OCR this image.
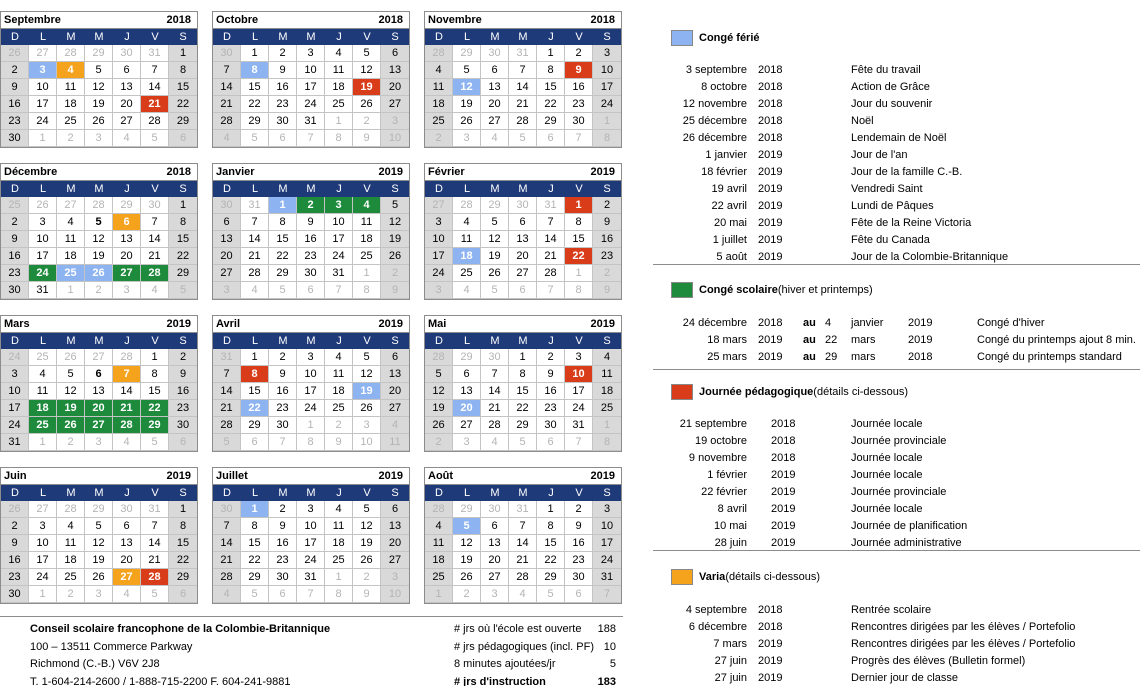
Septembre	2018
D	L	M	M	J	V	S
26	27	28	29	30	31	1
2	3	4	5	6	7	8
9	10	11	12	13	14	15
16	17	18	19	20	21	22
23	24	25	26	27	28	29
30	1	2	3	4	5	6
Octobre	2018
D	L	M	M	J	V	S
30	1	2	3	4	5	6
7	8	9	10	11	12	13
14	15	16	17	18	19	20
21	22	23	24	25	26	27
28	29	30	31	1	2	3
4	5	6	7	8	9	10
Novembre	2018
D	L	M	M	J	V	S
28	29	30	31	1	2	3
4	5	6	7	8	9	10
11	12	13	14	15	16	17
18	19	20	21	22	23	24
25	26	27	28	29	30	1
2	3	4	5	6	7	8
Décembre	2018
D	L	M	M	J	V	S
25	26	27	28	29	30	1
2	3	4	5	6	7	8
9	10	11	12	13	14	15
16	17	18	19	20	21	22
23	24	25	26	27	28	29
30	31	1	2	3	4	5
Janvier	2019
D	L	M	M	J	V	S
30	31	1	2	3	4	5
6	7	8	9	10	11	12
13	14	15	16	17	18	19
20	21	22	23	24	25	26
27	28	29	30	31	1	2
3	4	5	6	7	8	9
Février	2019
D	L	M	M	J	V	S
27	28	29	30	31	1	2
3	4	5	6	7	8	9
10	11	12	13	14	15	16
17	18	19	20	21	22	23
24	25	26	27	28	1	2
3	4	5	6	7	8	9
Mars	2019
D	L	M	M	J	V	S
24	25	26	27	28	1	2
3	4	5	6	7	8	9
10	11	12	13	14	15	16
17	18	19	20	21	22	23
24	25	26	27	28	29	30
31	1	2	3	4	5	6
Avril	2019
D	L	M	M	J	V	S
31	1	2	3	4	5	6
7	8	9	10	11	12	13
14	15	16	17	18	19	20
21	22	23	24	25	26	27
28	29	30	1	2	3	4
5	6	7	8	9	10	11
Mai	2019
D	L	M	M	J	V	S
28	29	30	1	2	3	4
5	6	7	8	9	10	11
12	13	14	15	16	17	18
19	20	21	22	23	24	25
26	27	28	29	30	31	1
2	3	4	5	6	7	8
Juin	2019
D	L	M	M	J	V	S
26	27	28	29	30	31	1
2	3	4	5	6	7	8
9	10	11	12	13	14	15
16	17	18	19	20	21	22
23	24	25	26	27	28	29
30	1	2	3	4	5	6
Juillet	2019
D	L	M	M	J	V	S
30	1	2	3	4	5	6
7	8	9	10	11	12	13
14	15	16	17	18	19	20
21	22	23	24	25	26	27
28	29	30	31	1	2	3
4	5	6	7	8	9	10
Août	2019
D	L	M	M	J	V	S
28	29	30	31	1	2	3
4	5	6	7	8	9	10
11	12	13	14	15	16	17
18	19	20	21	22	23	24
25	26	27	28	29	30	31
1	2	3	4	5	6	7
Conseil scolaire francophone de la Colombie-Britannique
100 – 13511 Commerce Parkway
Richmond (C.-B.) V6V 2J8
T. 1-604-214-2600 / 1-888-715-2200 F. 604-241-9881
# jrs où l'école est ouverte 188
# jrs pédagogiques (incl. PF) 10
8 minutes ajoutées/jr	5
# jrs d'instruction	183
Congé férié
3 septembre 2018	Fête du travail
8 octobre 2018	Action de Grâce
12 novembre 2018	Jour du souvenir
25 décembre 2018	Noël
26 décembre 2018	Lendemain de Noël
1 janvier 2019	Jour de l'an
18 février 2019	Jour de la famille C.-B.
19 avril 2019	Vendredi Saint
22 avril 2019	Lundi de Pâques
20 mai 2019	Fête de la Reine Victoria
1 juillet 2019	Fête du Canada
5 août 2019	Jour de la Colombie-Britannique
Congé scolaire (hiver et printemps)
24 décembre 2018 au 4 janvier 2019	Congé d'hiver
18 mars 2019 au 22 mars	2019	Congé du printemps ajout 8 min.
25 mars 2019 au 29 mars	2018	Congé du printemps standard
Journée pédagogique (détails ci-dessous)
21 septembre 2018	Journée locale
19 octobre 2018	Journée provinciale
9 novembre 2018	Journée locale
1 février 2019	Journée locale
22 février 2019	Journée provinciale
8 avril 2019	Journée locale
10 mai 2019	Journée de planification
28 juin 2019	Journée administrative
Varia (détails ci-dessous)
4 septembre 2018	Rentrée scolaire
6 décembre 2018	Rencontres dirigées par les élèves / Portefolio
7 mars 2019	Rencontres dirigées par les élèves / Portefolio
27 juin 2019	Progrès des élèves (Bulletin formel)
27 juin 2019	Dernier jour de classe
